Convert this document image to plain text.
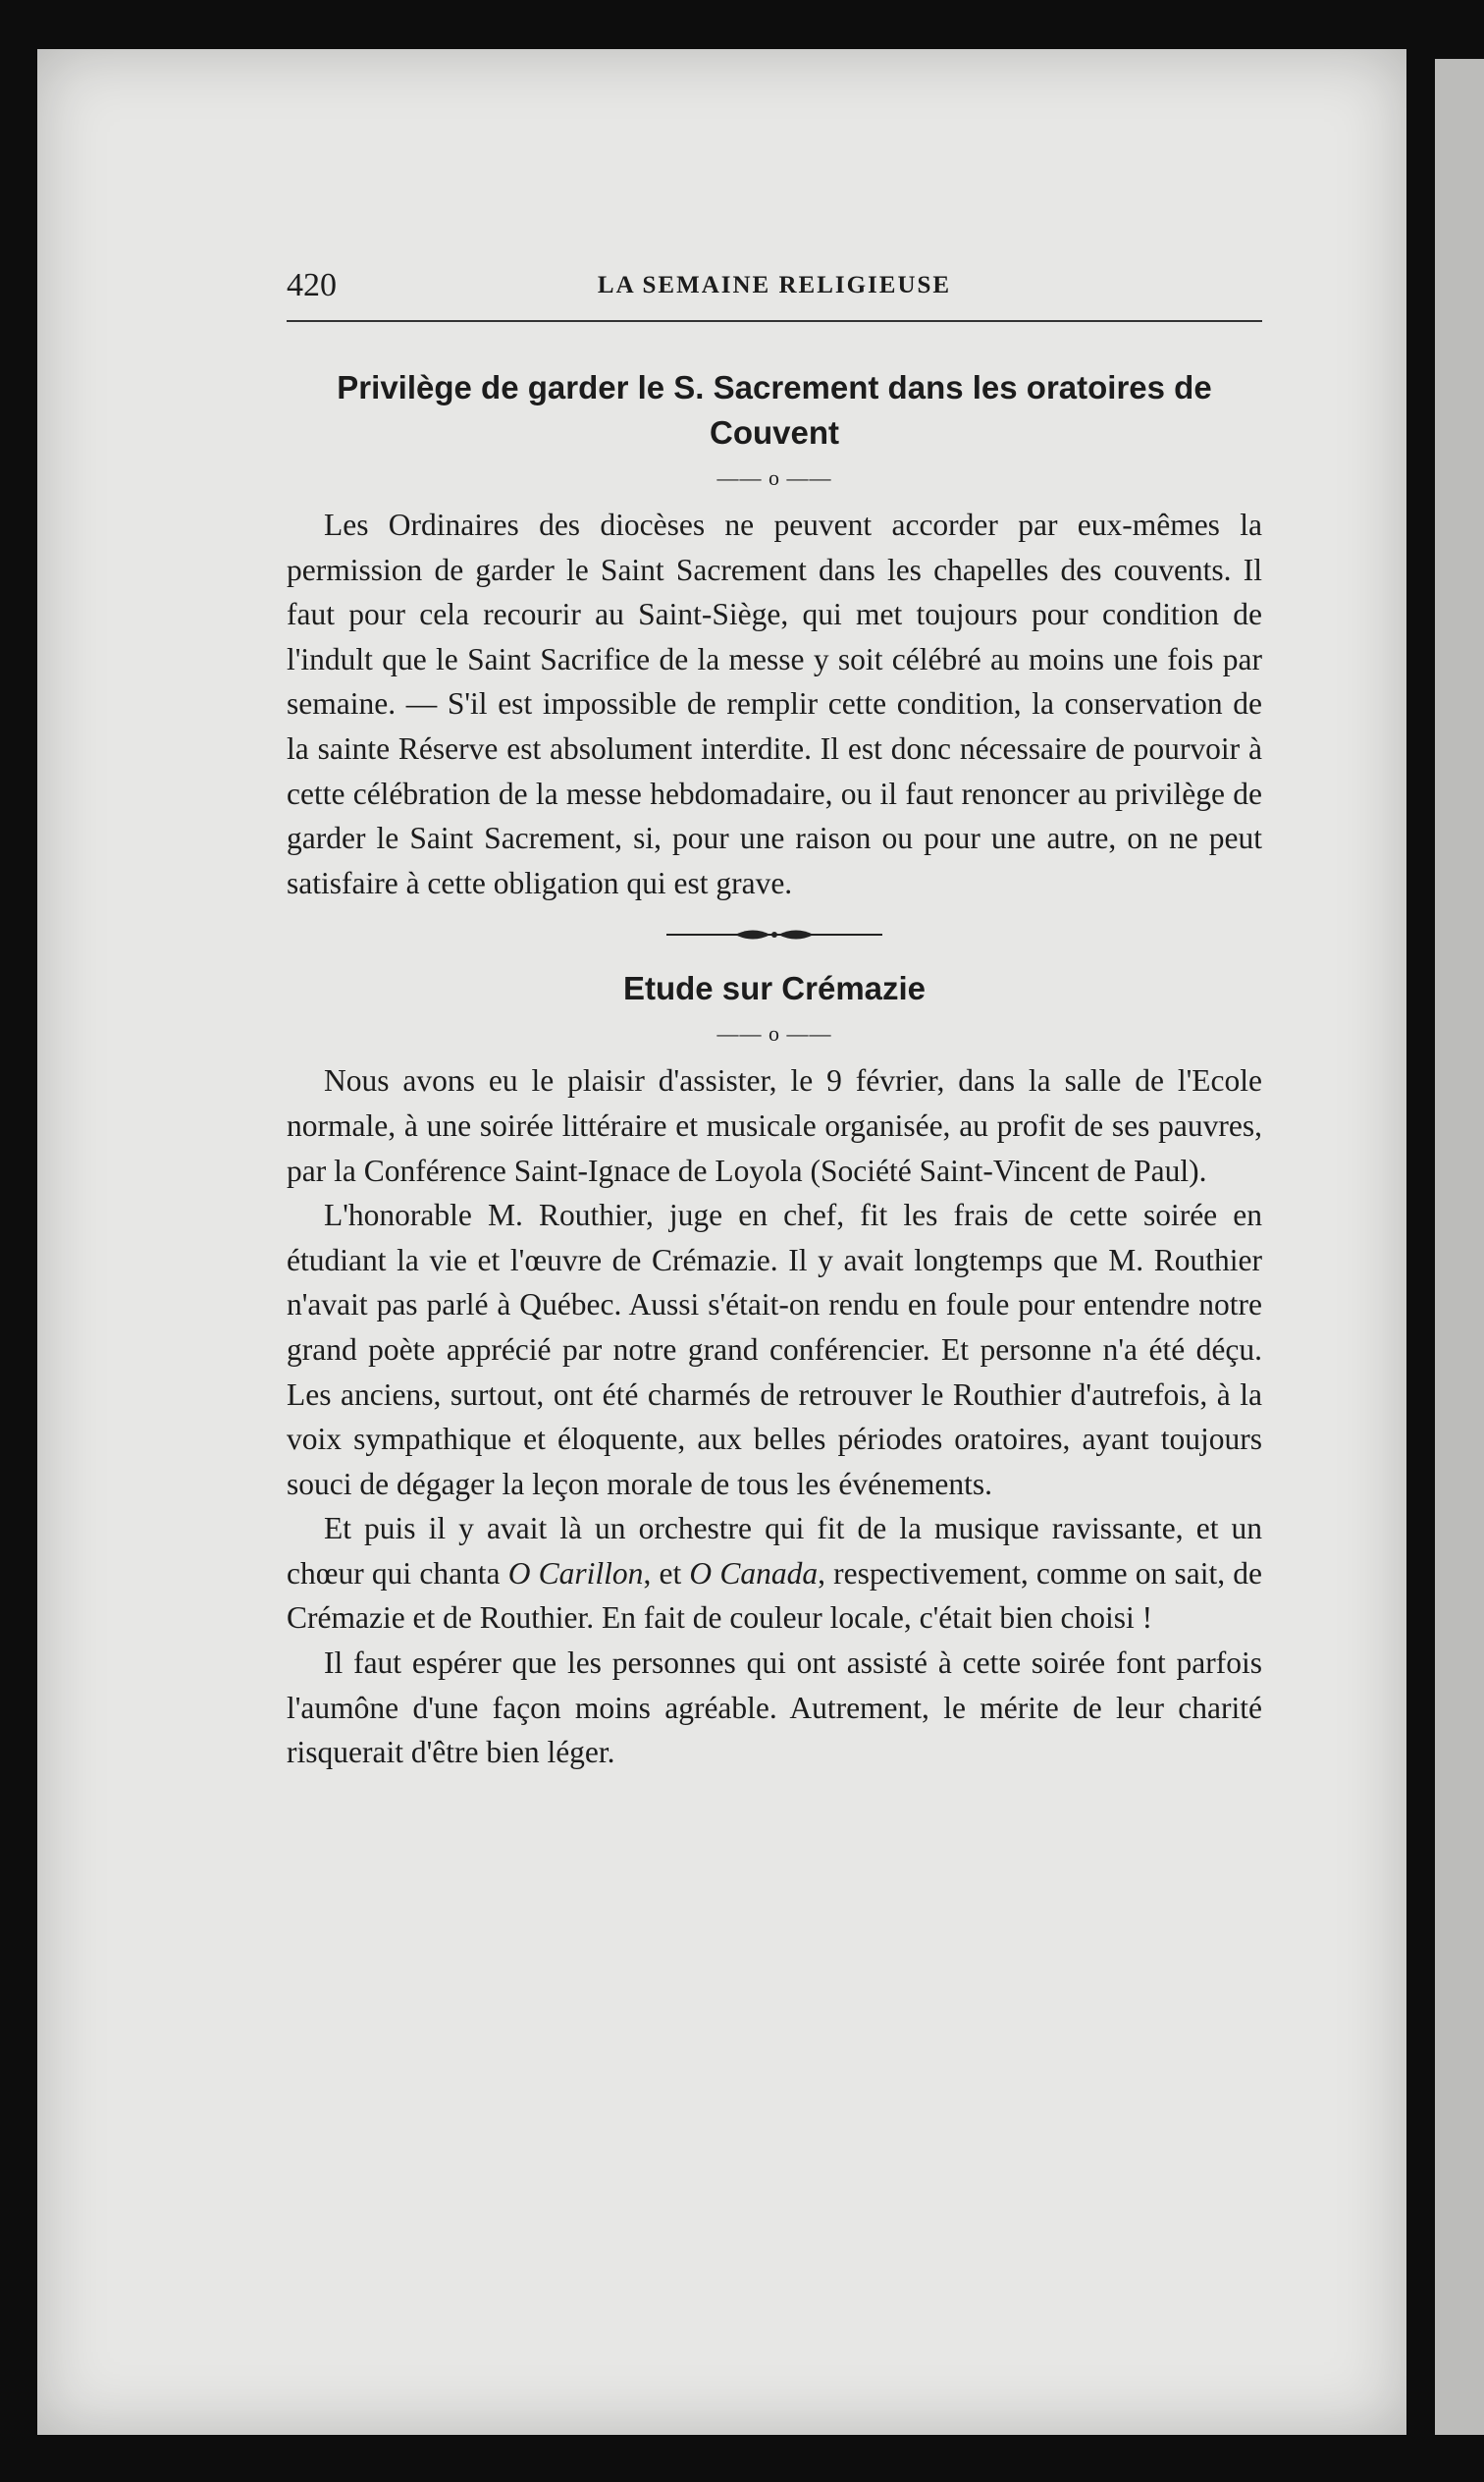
420	LA SEMAINE RELIGIEUSE
Privilège de garder le S. Sacrement dans les oratoires de Couvent
—— o ——

Les Ordinaires des diocèses ne peuvent accorder par eux-mêmes la permission de garder le Saint Sacrement dans les chapelles des couvents. Il faut pour cela recourir au Saint-Siège, qui met toujours pour condition de l'indult que le Saint Sacrifice de la messe y soit célébré au moins une fois par semaine. — S'il est impossible de remplir cette condition, la conservation de la sainte Réserve est absolument interdite. Il est donc nécessaire de pourvoir à cette célébration de la messe hebdomadaire, ou il faut renoncer au privilège de garder le Saint Sacrement, si, pour une raison ou pour une autre, on ne peut satisfaire à cette obligation qui est grave.

Etude sur Crémazie
—— o ——

Nous avons eu le plaisir d'assister, le 9 février, dans la salle de l'Ecole normale, à une soirée littéraire et musicale organisée, au profit de ses pauvres, par la Conférence Saint-Ignace de Loyola (Société Saint-Vincent de Paul).

L'honorable M. Routhier, juge en chef, fit les frais de cette soirée en étudiant la vie et l'œuvre de Crémazie. Il y avait longtemps que M. Routhier n'avait pas parlé à Québec. Aussi s'était-on rendu en foule pour entendre notre grand poète apprécié par notre grand conférencier. Et personne n'a été déçu. Les anciens, surtout, ont été charmés de retrouver le Routhier d'autrefois, à la voix sympathique et éloquente, aux belles périodes oratoires, ayant toujours souci de dégager la leçon morale de tous les événements.

Et puis il y avait là un orchestre qui fit de la musique ravissante, et un chœur qui chanta O Carillon, et O Canada, respectivement, comme on sait, de Crémazie et de Routhier. En fait de couleur locale, c'était bien choisi !

Il faut espérer que les personnes qui ont assisté à cette soirée font parfois l'aumône d'une façon moins agréable. Autrement, le mérite de leur charité risquerait d'être bien léger.
